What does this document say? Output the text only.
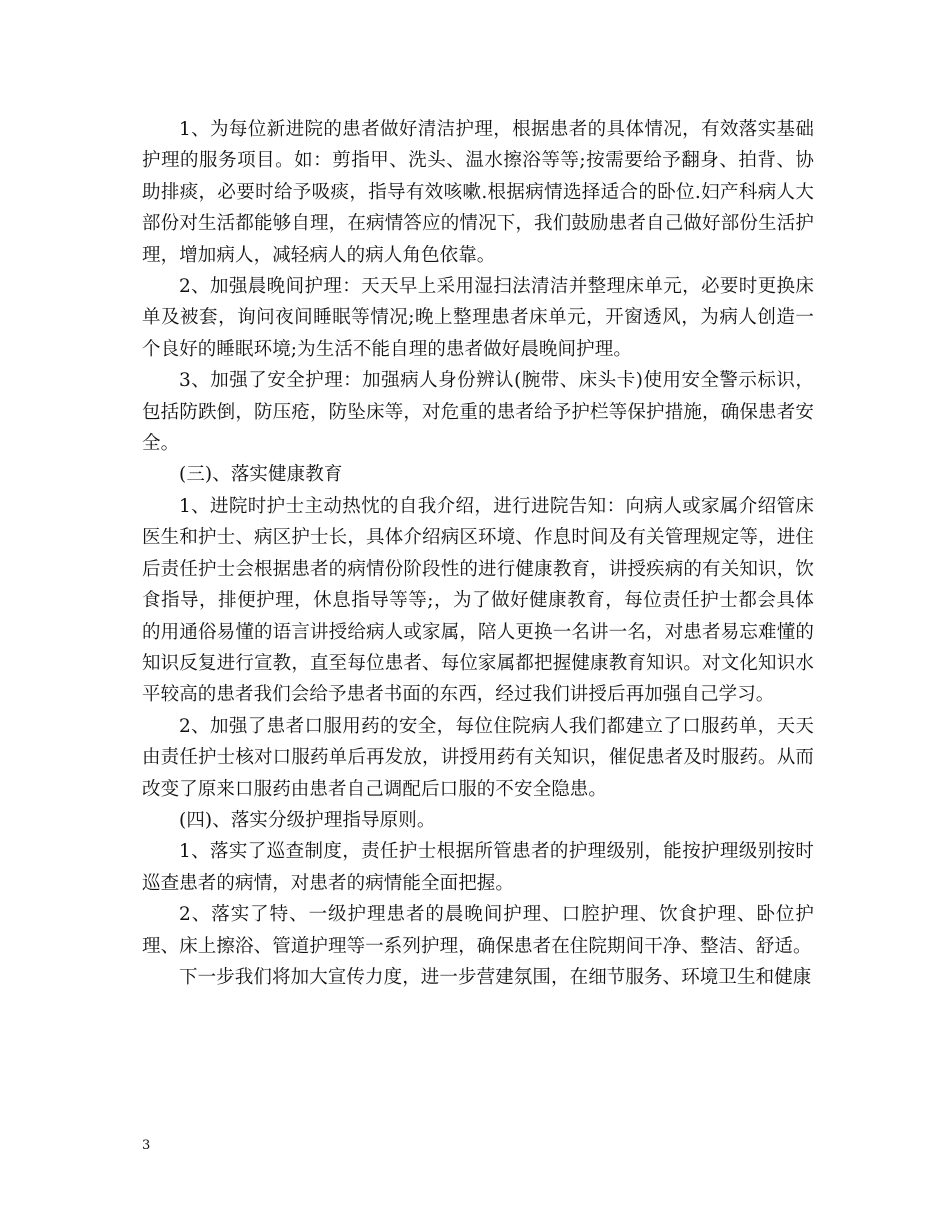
1、为每位新进院的患者做好清洁护理，根据患者的具体情况，有效落实基础护理的服务项目。如：剪指甲、洗头、温水擦浴等等;按需要给予翻身、拍背、协助排痰，必要时给予吸痰，指导有效咳嗽.根据病情选择适合的卧位.妇产科病人大部份对生活都能够自理，在病情答应的情况下，我们鼓励患者自己做好部份生活护理，增加病人，减轻病人的病人角色依靠。

2、加强晨晚间护理：天天早上采用湿扫法清洁并整理床单元，必要时更换床单及被套，询问夜间睡眠等情况;晚上整理患者床单元，开窗透风，为病人创造一个良好的睡眠环境;为生活不能自理的患者做好晨晚间护理。

3、加强了安全护理：加强病人身份辨认(腕带、床头卡)使用安全警示标识，包括防跌倒，防压疮，防坠床等，对危重的患者给予护栏等保护措施，确保患者安全。

(三)、落实健康教育

1、进院时护士主动热忱的自我介绍，进行进院告知：向病人或家属介绍管床医生和护士、病区护士长，具体介绍病区环境、作息时间及有关管理规定等，进住后责任护士会根据患者的病情份阶段性的进行健康教育，讲授疾病的有关知识，饮食指导，排便护理，休息指导等等;，为了做好健康教育，每位责任护士都会具体的用通俗易懂的语言讲授给病人或家属，陪人更换一名讲一名，对患者易忘难懂的知识反复进行宣教，直至每位患者、每位家属都把握健康教育知识。对文化知识水平较高的患者我们会给予患者书面的东西，经过我们讲授后再加强自己学习。

2、加强了患者口服用药的安全，每位住院病人我们都建立了口服药单，天天由责任护士核对口服药单后再发放，讲授用药有关知识，催促患者及时服药。从而改变了原来口服药由患者自己调配后口服的不安全隐患。

(四)、落实分级护理指导原则。

1、落实了巡查制度，责任护士根据所管患者的护理级别，能按护理级别按时巡查患者的病情，对患者的病情能全面把握。

2、落实了特、一级护理患者的晨晚间护理、口腔护理、饮食护理、卧位护理、床上擦浴、管道护理等一系列护理，确保患者在住院期间干净、整洁、舒适。

下一步我们将加大宣传力度，进一步营建氛围，在细节服务、环境卫生和健康

3
